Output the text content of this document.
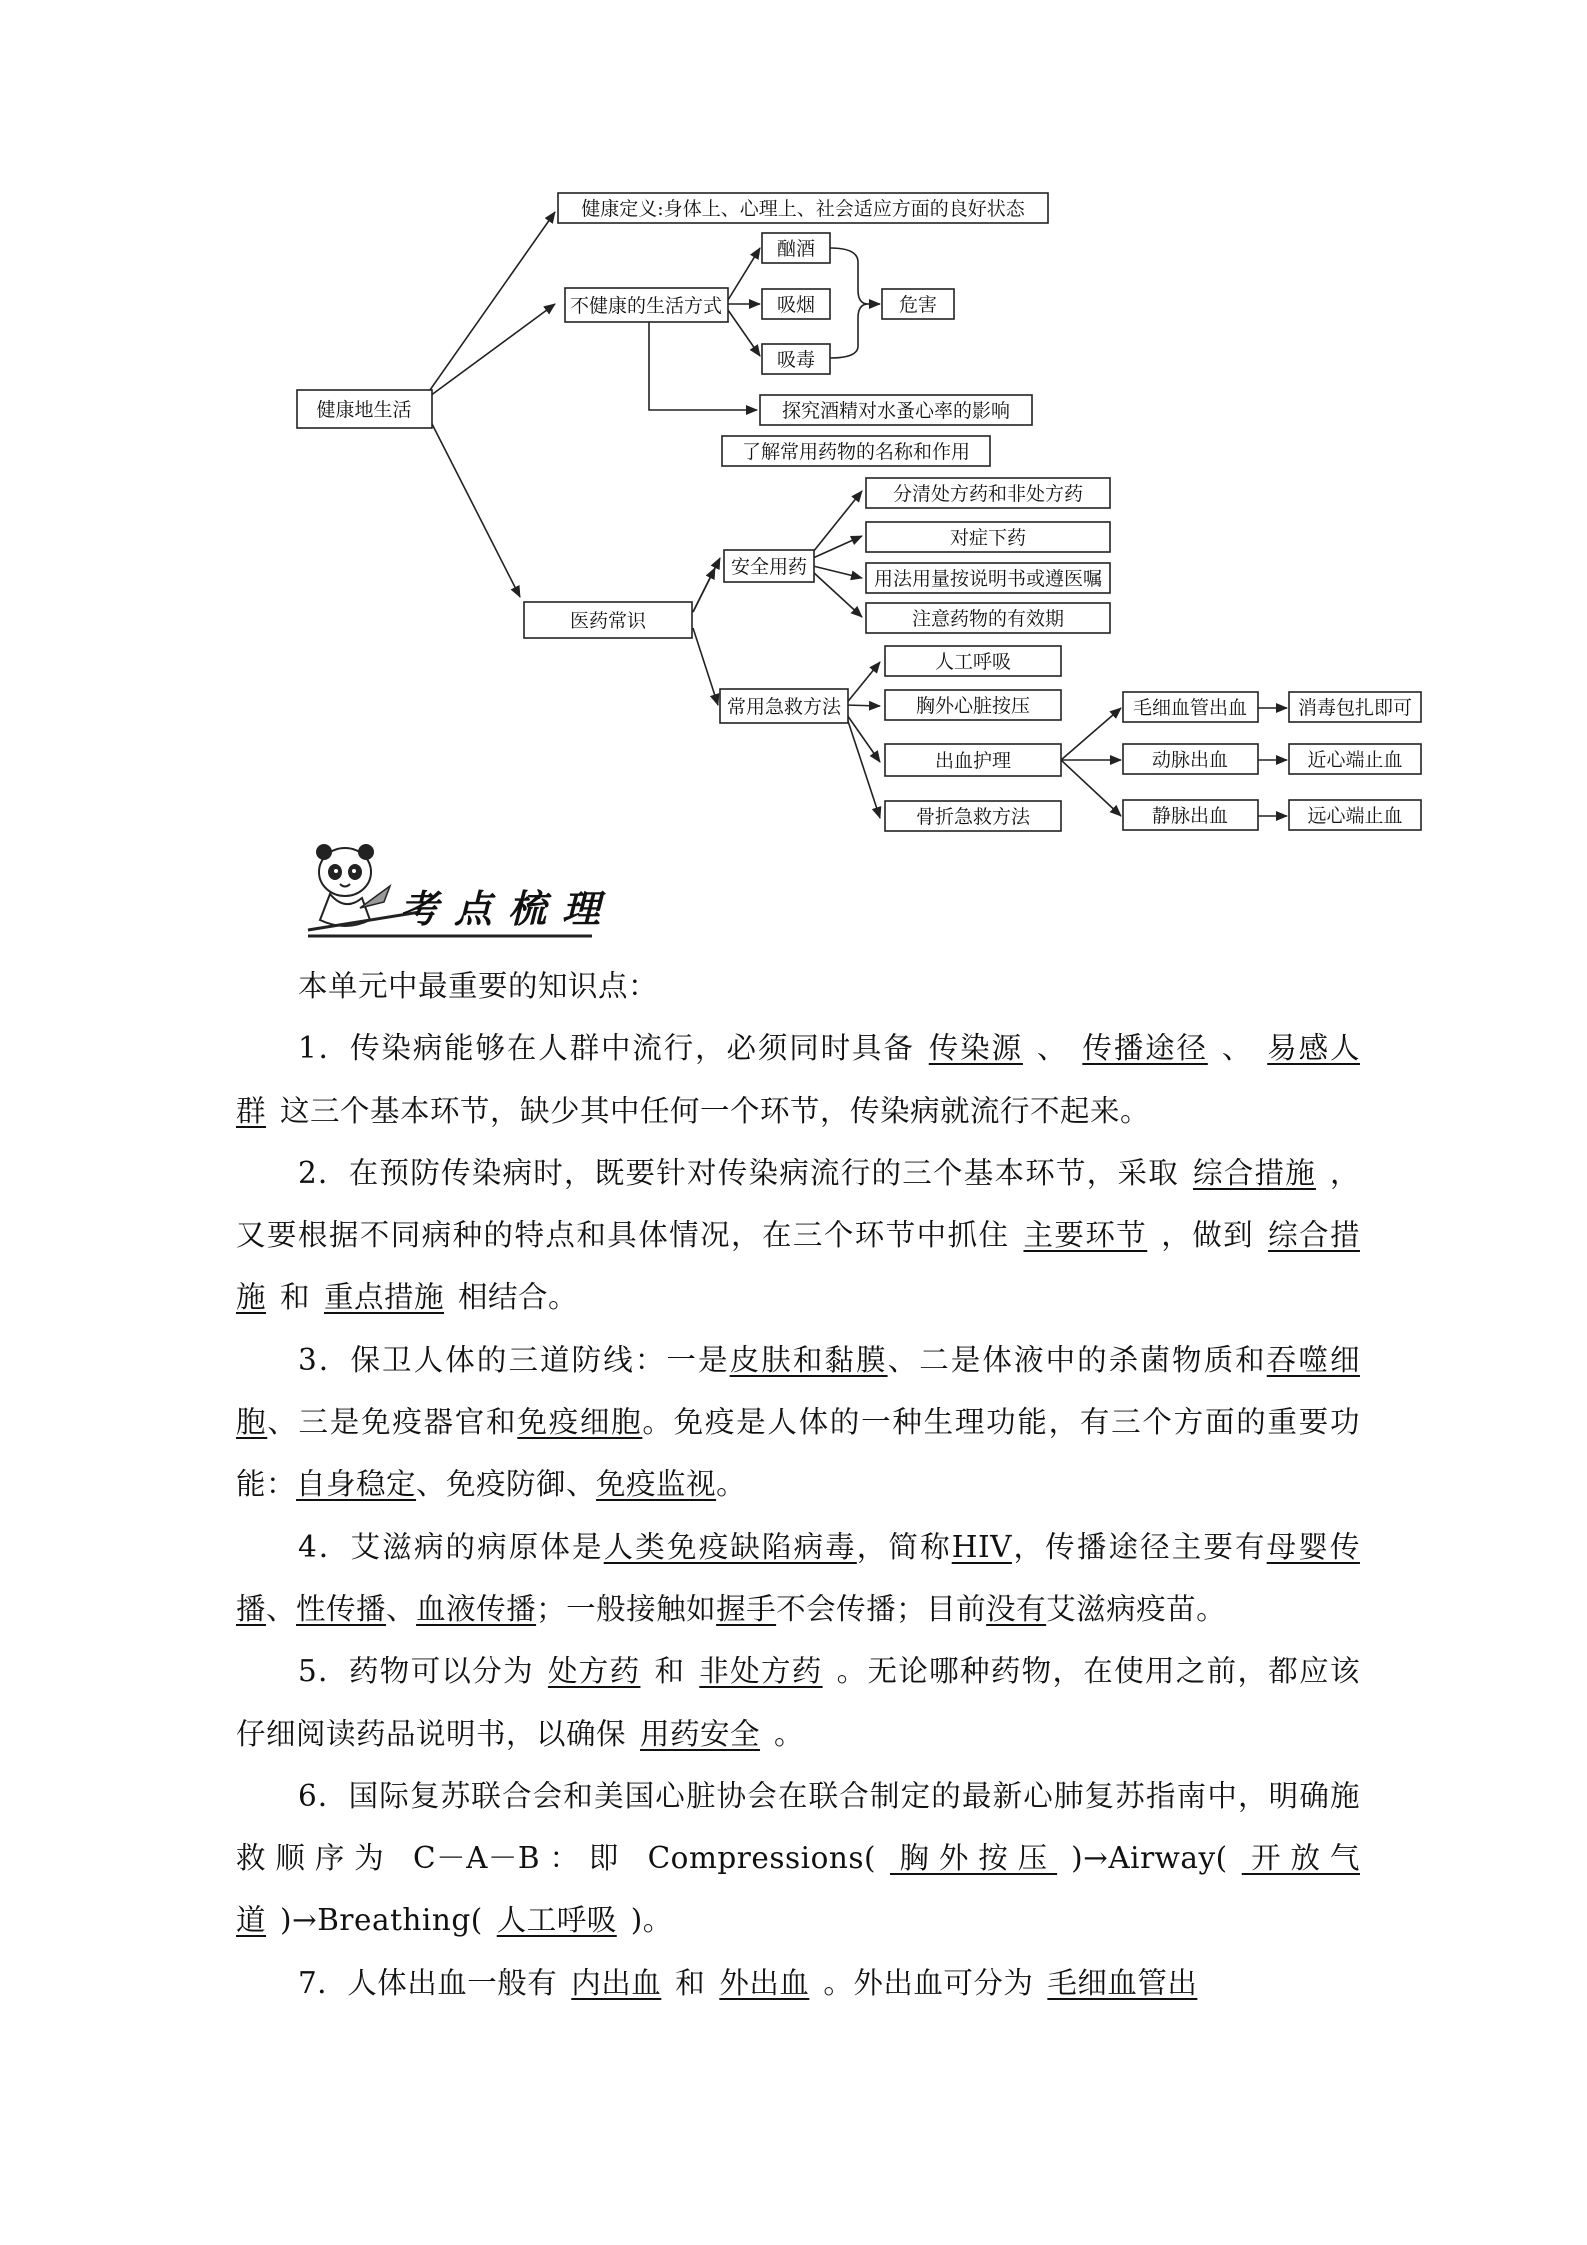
健康地生活
健康定义:身体上、心理上、社会适应方面的良好状态
不健康的生活方式
酗酒
吸烟
吸毒
危害
探究酒精对水蚤心率的影响
医药常识
了解常用药物的名称和作用
安全用药
分清处方药和非处方药
对症下药
用法用量按说明书或遵医嘱
注意药物的有效期
常用急救方法
人工呼吸
胸外心脏按压
出血护理
骨折急救方法
毛细血管出血
动脉出血
静脉出血
消毒包扎即可
近心端止血
远心端止血
考点梳理

本单元中最重要的知识点：

1．传染病能够在人群中流行，必须同时具备 传染源 、 传播途径 、 易感人群 这三个基本环节，缺少其中任何一个环节，传染病就流行不起来。

2．在预防传染病时，既要针对传染病流行的三个基本环节，采取 综合措施 ，又要根据不同病种的特点和具体情况，在三个环节中抓住 主要环节 ，做到 综合措施 和 重点措施 相结合。

3．保卫人体的三道防线：一是皮肤和黏膜、二是体液中的杀菌物质和吞噬细胞、三是免疫器官和免疫细胞。免疫是人体的一种生理功能，有三个方面的重要功能：自身稳定、免疫防御、免疫监视。

4．艾滋病的病原体是人类免疫缺陷病毒，简称HIV，传播途径主要有母婴传播、性传播、血液传播；一般接触如握手不会传播；目前没有艾滋病疫苗。

5．药物可以分为 处方药 和 非处方药 。无论哪种药物，在使用之前，都应该仔细阅读药品说明书，以确保 用药安全 。

6．国际复苏联合会和美国心脏协会在联合制定的最新心肺复苏指南中，明确施救顺序为 C－A－B：即 Compressions( 胸外按压 )→Airway( 开放气道 )→Breathing( 人工呼吸 )。

7．人体出血一般有 内出血 和 外出血 。外出血可分为 毛细血管出
